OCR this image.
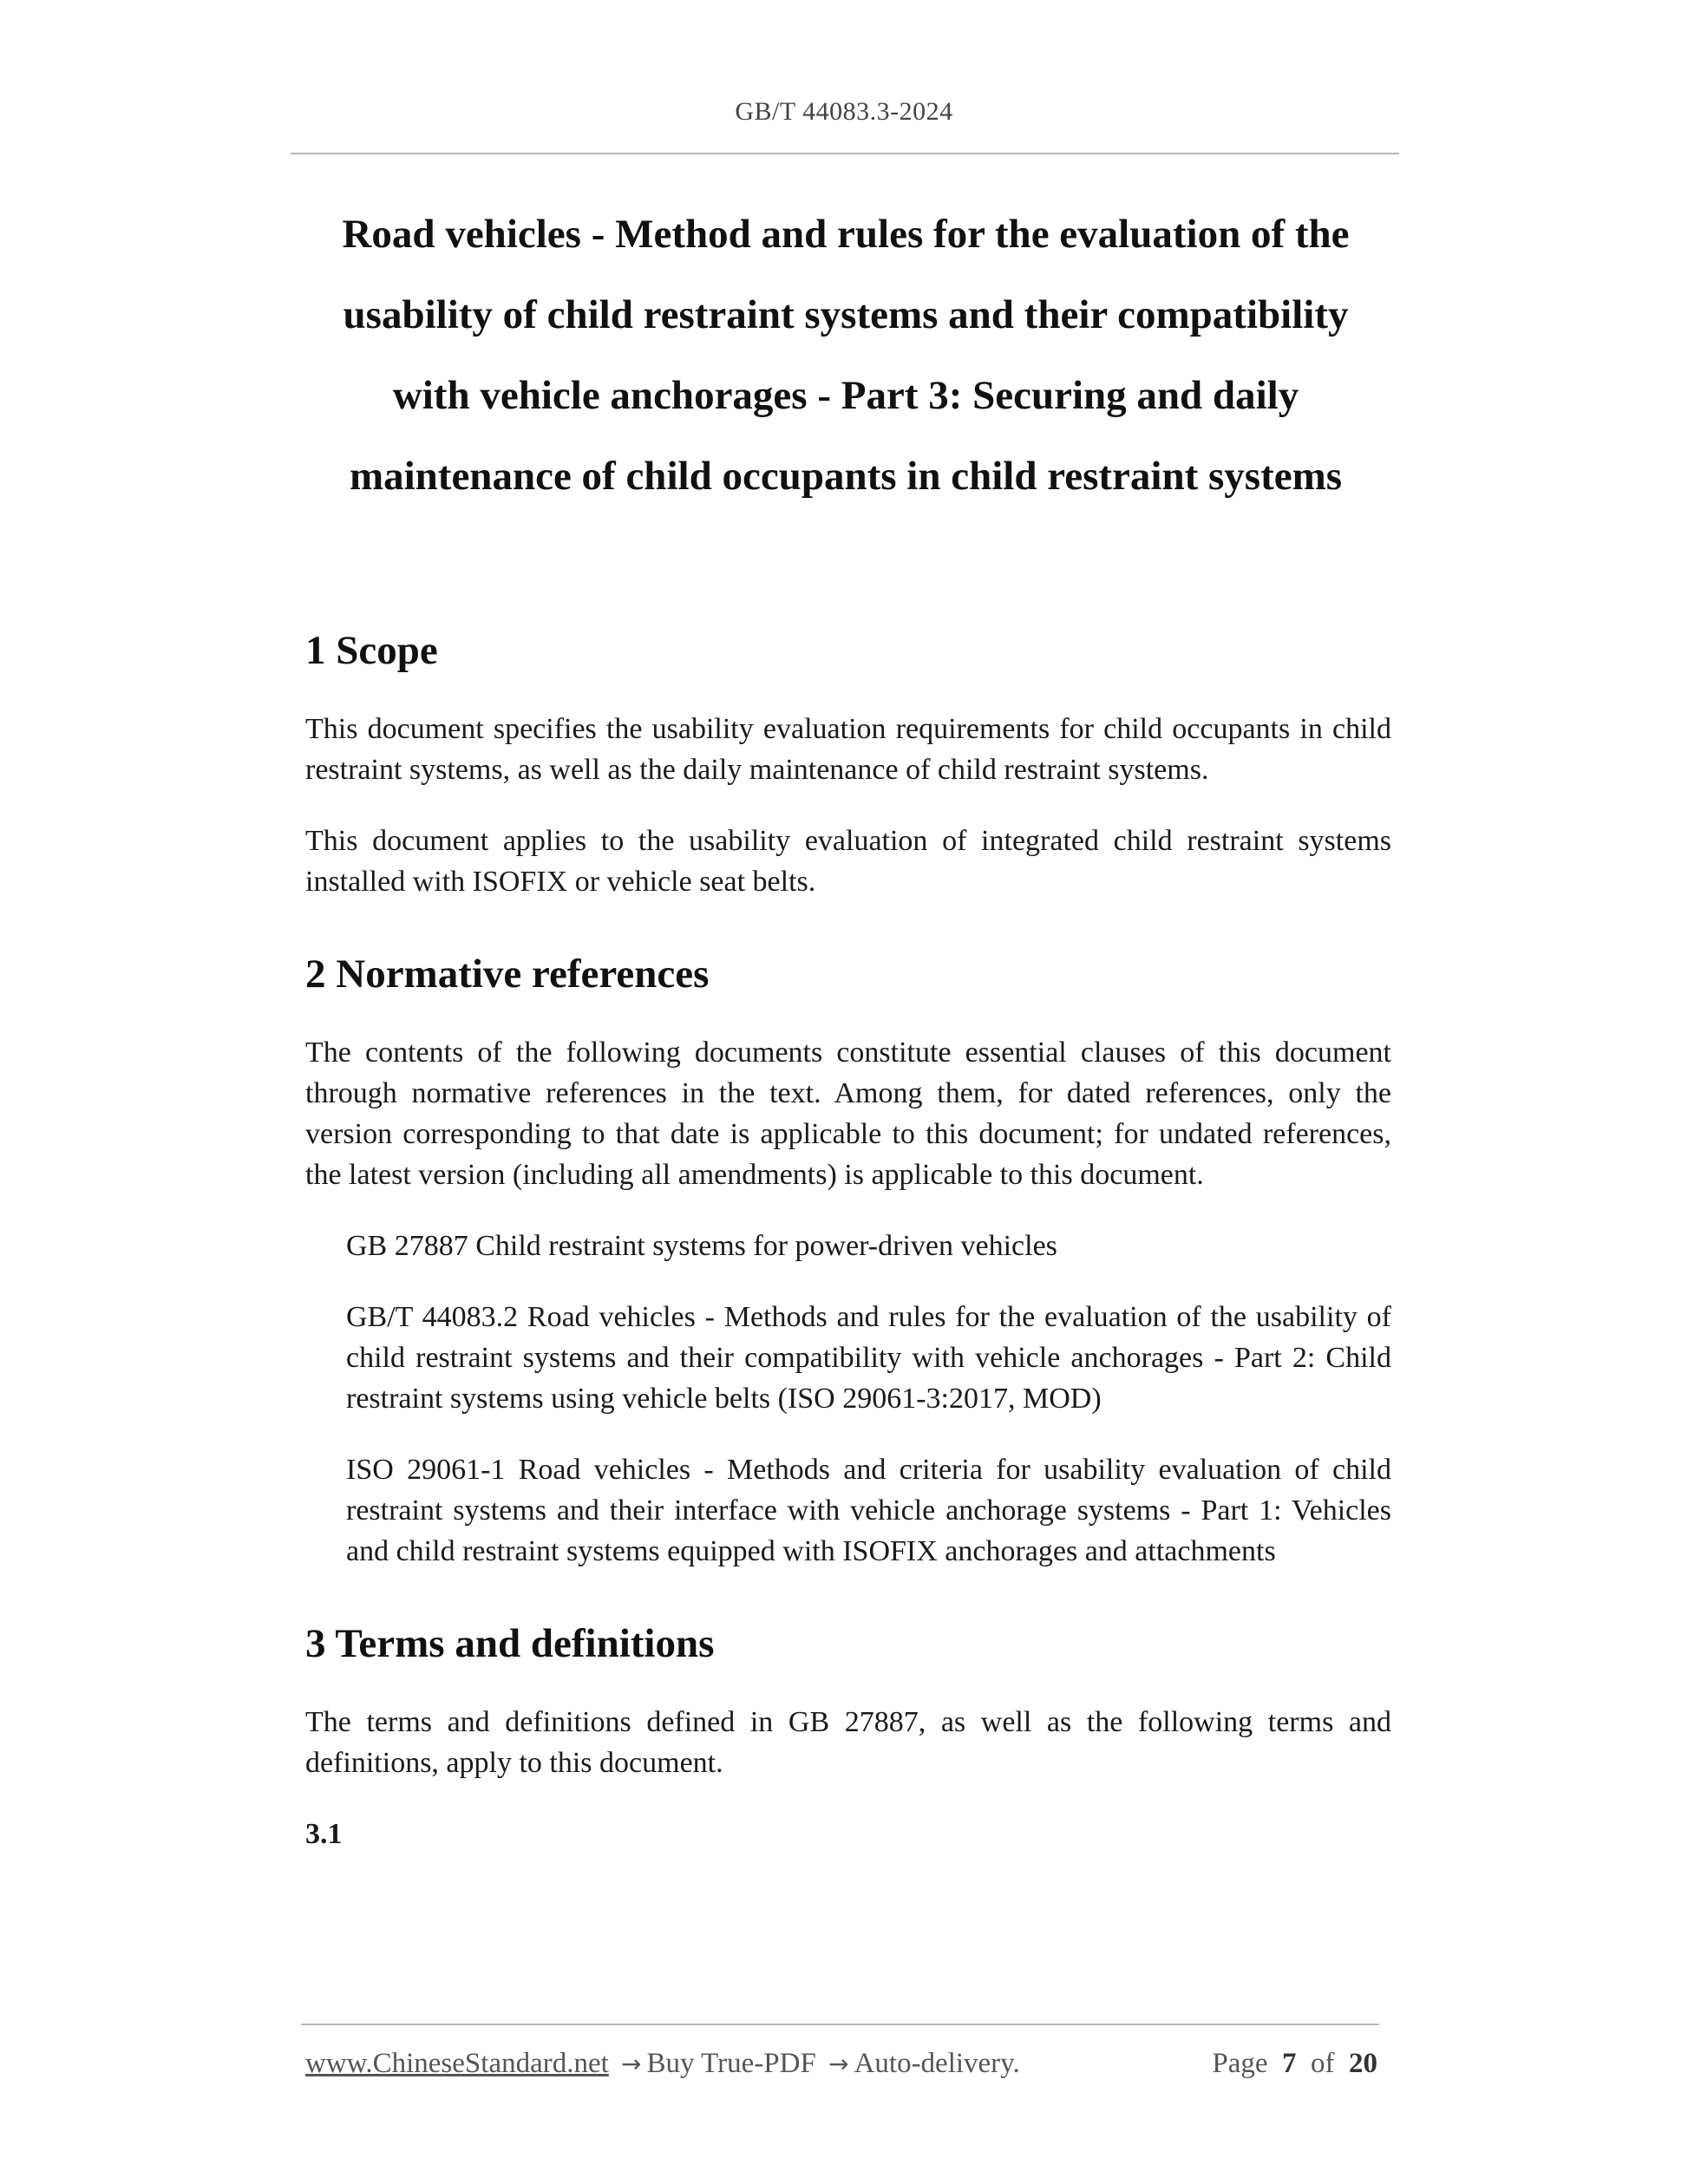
GB/T 44083.3-2024
Road vehicles - Method and rules for the evaluation of the
usability of child restraint systems and their compatibility
with vehicle anchorages - Part 3: Securing and daily
maintenance of child occupants in child restraint systems
1 Scope

This document specifies the usability evaluation requirements for child occupants in child restraint systems, as well as the daily maintenance of child restraint systems.

This document applies to the usability evaluation of integrated child restraint systems installed with ISOFIX or vehicle seat belts.

2 Normative references

The contents of the following documents constitute essential clauses of this document through normative references in the text. Among them, for dated references, only the version corresponding to that date is applicable to this document; for undated references, the latest version (including all amendments) is applicable to this document.

GB 27887 Child restraint systems for power-driven vehicles

GB/T 44083.2 Road vehicles - Methods and rules for the evaluation of the usability of child restraint systems and their compatibility with vehicle anchorages - Part 2: Child restraint systems using vehicle belts (ISO 29061-3:2017, MOD)

ISO 29061-1 Road vehicles - Methods and criteria for usability evaluation of child restraint systems and their interface with vehicle anchorage systems - Part 1: Vehicles and child restraint systems equipped with ISOFIX anchorages and attachments

3 Terms and definitions

The terms and definitions defined in GB 27887, as well as the following terms and definitions, apply to this document.

3.1

www.ChineseStandard.net → Buy True-PDF → Auto-delivery.	Page 7 of 20
